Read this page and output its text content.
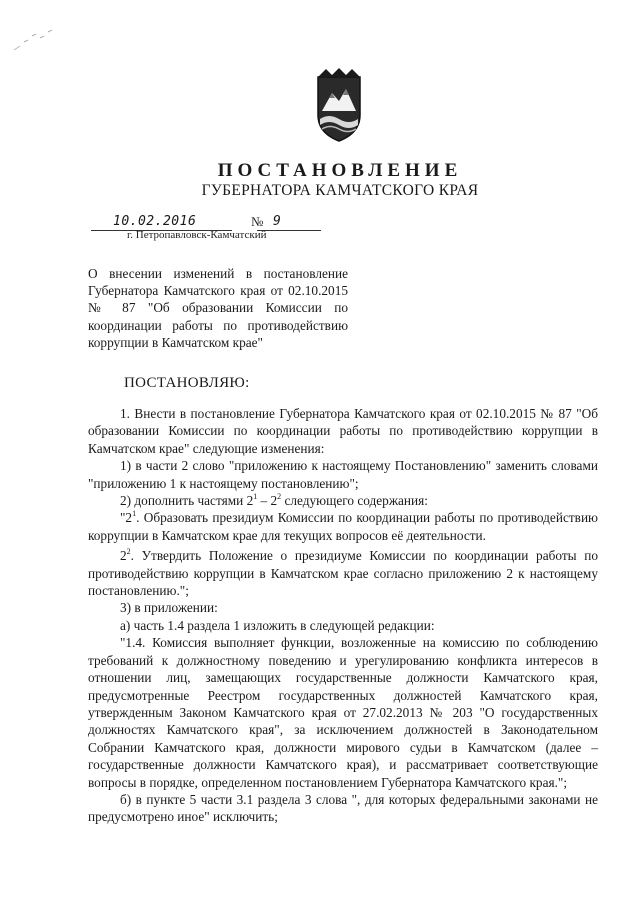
ПОСТАНОВЛЕНИЕ
ГУБЕРНАТОРА КАМЧАТСКОГО КРАЯ
10.02.2016	№ 9
г. Петропавловск-Камчатский
О внесении изменений в постановление Губернатора Камчатского края от 02.10.2015 № 87 "Об образовании Комиссии по координации работы по противодействию коррупции в Камчатском крае"
ПОСТАНОВЛЯЮ:

1. Внести в постановление Губернатора Камчатского края от 02.10.2015 № 87 "Об образовании Комиссии по координации работы по противодействию коррупции в Камчатском крае" следующие изменения:

1) в части 2 слово "приложению к настоящему Постановлению" заменить словами "приложению 1 к настоящему постановлению";

2) дополнить частями $2^1 - 2^2$ следующего содержания:

"$2^1$. Образовать президиум Комиссии по координации работы по противодействию коррупции в Камчатском крае для текущих вопросов её деятельности.

$2^2$. Утвердить Положение о президиуме Комиссии по координации работы по противодействию коррупции в Камчатском крае согласно приложению 2 к настоящему постановлению.";

3) в приложении:

а) часть 1.4 раздела 1 изложить в следующей редакции:

"1.4. Комиссия выполняет функции, возложенные на комиссию по соблюдению требований к должностному поведению и урегулированию конфликта интересов в отношении лиц, замещающих государственные должности Камчатского края, предусмотренные Реестром государственных должностей Камчатского края, утвержденным Законом Камчатского края от 27.02.2013 № 203 "О государственных должностях Камчатского края", за исключением должностей в Законодательном Собрании Камчатского края, должности мирового судьи в Камчатском (далее – государственные должности Камчатского края), и рассматривает соответствующие вопросы в порядке, определенном постановлением Губернатора Камчатского края.";

б) в пункте 5 части 3.1 раздела 3 слова ", для которых федеральными законами не предусмотрено иное" исключить;
